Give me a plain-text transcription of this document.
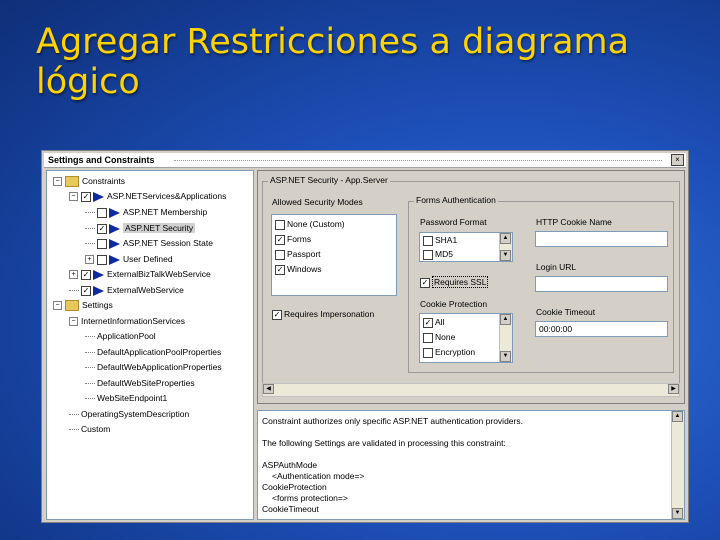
Agregar Restricciones a diagrama
lógico
Settings and Constraints	×
−	Constraints
− ✓ ASP.NETServices&Applications
ASP.NET Membership
✓ ASP.NET Security
ASP.NET Session State
+	User Defined
+ ✓ ExternalBizTalkWebService
✓ ExternalWebService
−	Settings
− InternetInformationServices
ApplicationPool
DefaultApplicationPoolProperties
DefaultWebApplicationProperties
DefaultWebSiteProperties
WebSiteEndpoint1
OperatingSystemDescription
Custom
ASP.NET Security - App.Server
Allowed Security Modes
None (Custom)
✓ Forms
Passport
✓ Windows
✓ Requires Impersonation
Forms Authentication
Password Format
SHA1
MD5
▲
▼
✓ Requires SSL
Cookie Protection
✓ All
None
Encryption
▲
▼
HTTP Cookie Name
Login URL
Cookie Timeout
00:00:00
◀	▶
Constraint authorizes only specific ASP.NET authentication providers.
The following Settings are validated in processing this constraint:
ASPAuthMode
<Authentication mode=>
CookieProtection
<forms protection=>
CookieTimeout
▲
▼
